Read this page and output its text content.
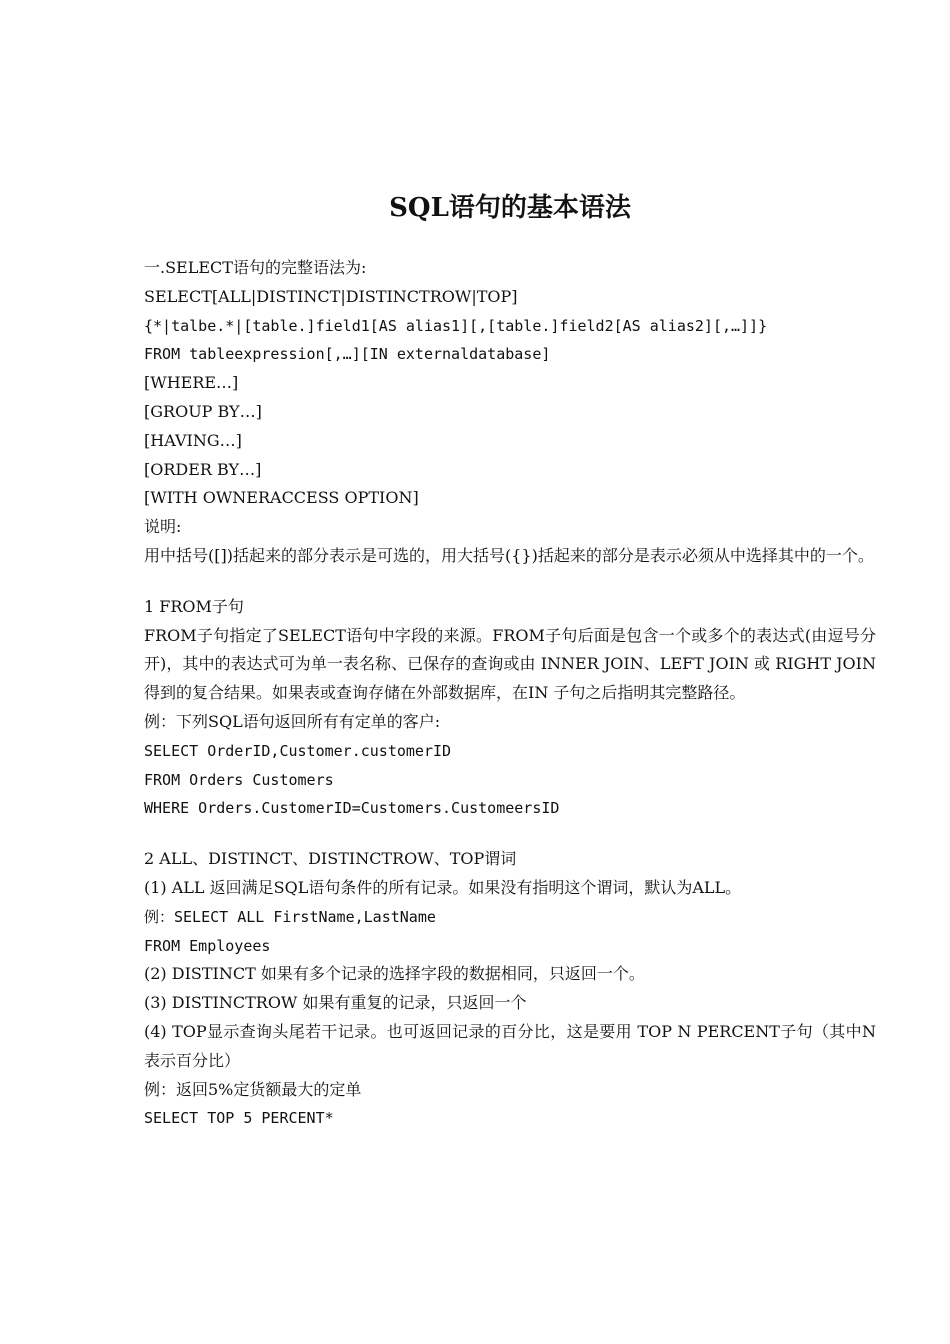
SQL语句的基本语法
一.SELECT语句的完整语法为:
SELECT[ALL|DISTINCT|DISTINCTROW|TOP]
{*|talbe.*|[table.]field1[AS alias1][,[table.]field2[AS alias2][,…]]}
FROM tableexpression[,…][IN externaldatabase]
[WHERE…]
[GROUP BY…]
[HAVING…]
[ORDER BY…]
[WITH OWNERACCESS OPTION]
说明:
用中括号([])括起来的部分表示是可选的，用大括号({})括起来的部分是表示必须从中选择其中的一个。
1 FROM子句
FROM子句指定了SELECT语句中字段的来源。FROM子句后面是包含一个或多个的表达式(由逗号分开)，其中的表达式可为单一表名称、已保存的查询或由 INNER JOIN、LEFT JOIN 或 RIGHT JOIN 得到的复合结果。如果表或查询存储在外部数据库，在IN 子句之后指明其完整路径。
例：下列SQL语句返回所有有定单的客户:
SELECT OrderID,Customer.customerID
FROM Orders Customers
WHERE Orders.CustomerID=Customers.CustomeersID
2 ALL、DISTINCT、DISTINCTROW、TOP谓词
(1) ALL 返回满足SQL语句条件的所有记录。如果没有指明这个谓词，默认为ALL。
例：SELECT ALL FirstName,LastName
FROM Employees
(2) DISTINCT 如果有多个记录的选择字段的数据相同，只返回一个。
(3) DISTINCTROW 如果有重复的记录，只返回一个
(4) TOP显示查询头尾若干记录。也可返回记录的百分比，这是要用 TOP N PERCENT子句（其中N 表示百分比）
例：返回5%定货额最大的定单
SELECT TOP 5 PERCENT*
